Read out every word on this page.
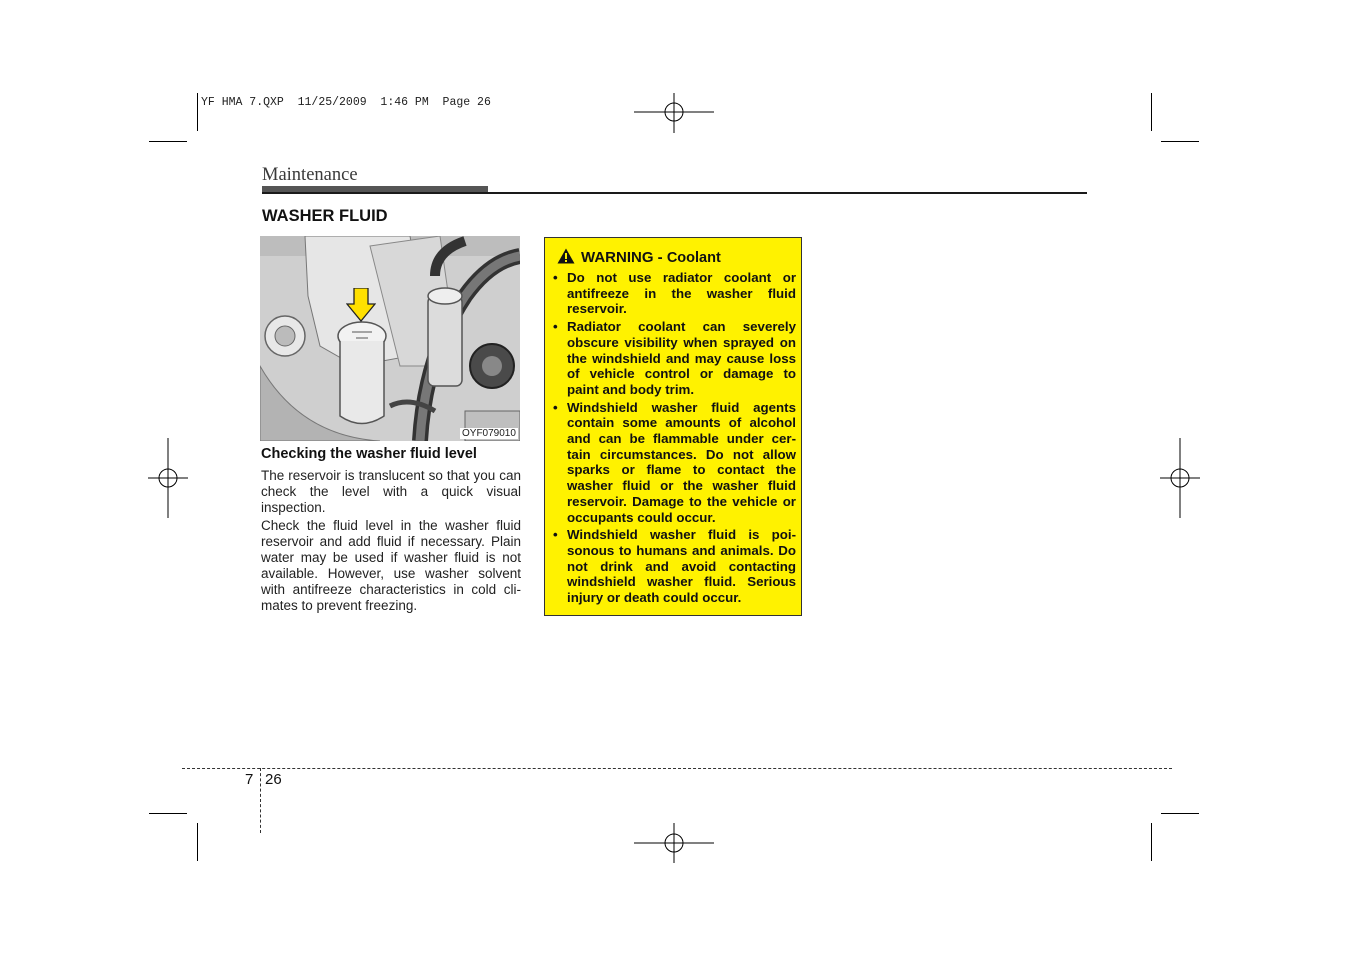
YF HMA 7.QXP  11/25/2009  1:46 PM  Page 26
Maintenance
WASHER FLUID
OYF079010
Checking the washer fluid level
The reservoir is translucent so that you can check the level with a quick visual inspection.
Check the fluid level in the washer fluid reservoir and add fluid if necessary. Plain water may be used if washer fluid is not available. However, use washer solvent with antifreeze characteristics in cold cli-mates to prevent freezing.
WARNING - Coolant
• Do not use radiator coolant or antifreeze in the washer fluid reservoir.
• Radiator coolant can severely obscure visibility when sprayed on the windshield and may cause loss of vehicle control or damage to paint and body trim.
• Windshield washer fluid agents contain some amounts of alcohol and can be flammable under cer-tain circumstances. Do not allow sparks or flame to contact the washer fluid or the washer fluid reservoir. Damage to the vehicle or occupants could occur.
• Windshield washer fluid is poi-sonous to humans and animals. Do not drink and avoid contacting windshield washer fluid. Serious injury or death could occur.
7 26
